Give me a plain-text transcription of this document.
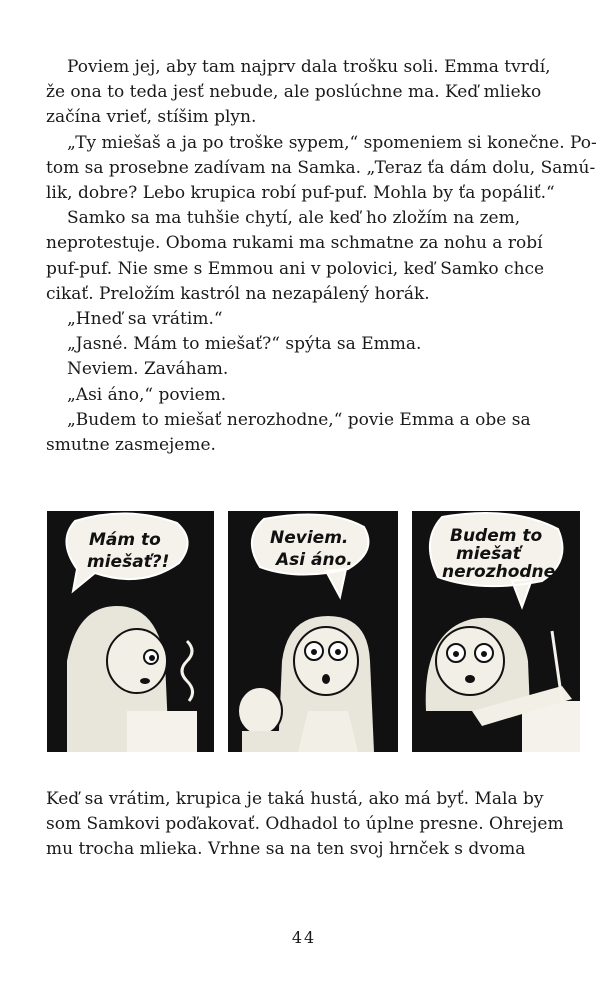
Poviem jej, aby tam najprv dala trošku soli. Emma tvrdí,
že ona to teda jesť nebude, ale poslúchne ma. Keď mlieko
začína vrieť, stíšim plyn.
„Ty miešaš a ja po troške sypem,“ spomeniem si konečne. Po-
tom sa prosebne zadívam na Samka. „Teraz ťa dám dolu, Samú-
lik, dobre? Lebo krupica robí puf-puf. Mohla by ťa popáliť.“
Samko sa ma tuhšie chytí, ale keď ho zložím na zem,
neprotestuje. Oboma rukami ma schmatne za nohu a robí
puf-puf. Nie sme s Emmou ani v polovici, keď Samko chce
cikať. Preložím kastról na nezapálený horák.
„Hneď sa vrátim.“
„Jasné. Mám to miešať?“ spýta sa Emma.
Neviem. Zaváham.
„Asi áno,“ poviem.
„Budem to miešať nerozhodne,“ povie Emma a obe sa
smutne zasmejeme.
Mám to
miešať?!
Neviem.
Asi áno.
Budem to
miešať
nerozhodne.
Keď sa vrátim, krupica je taká hustá, ako má byť. Mala by
som Samkovi poďakovať. Odhadol to úplne presne. Ohrejem
mu trocha mlieka. Vrhne sa na ten svoj hrnček s dvoma
44
